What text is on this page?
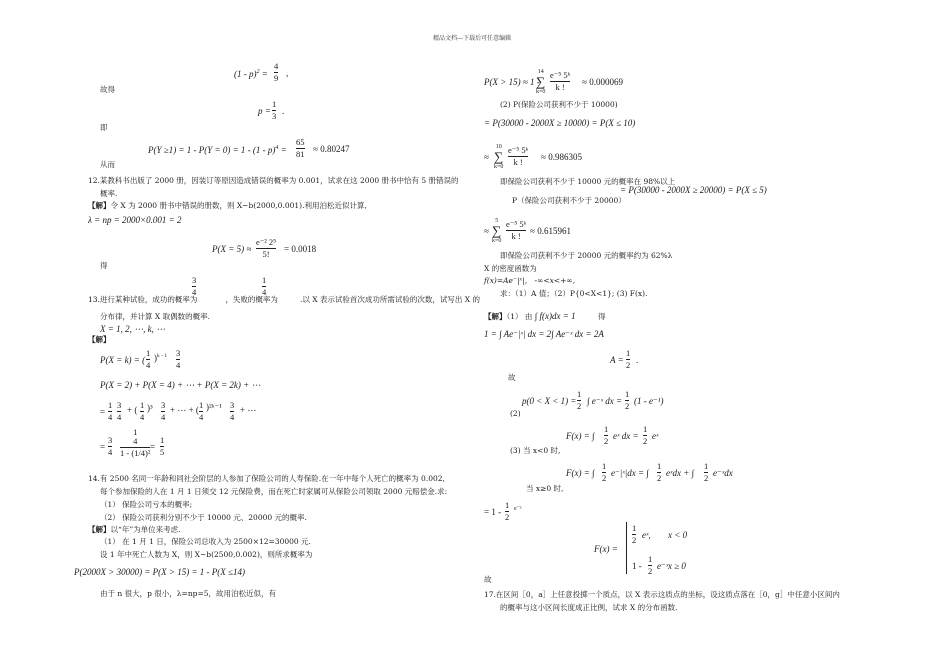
精品文档---下载后可任意编辑
(1 - p)$^2$ =
4
9 ,
故得
p =
1
3 .
即
P(Y ≥1) = 1 - P(Y = 0) = 1 - (1 - p)$^4$ =
65
81 ≈ 0.80247
从而
12.某教科书出版了 2000 册，因装订等原因造成错误的概率为 0.001，试求在这 2000 册书中恰有 5 册错误的
概率.
【解】令 X 为 2000 册书中错误的册数，则 X~b(2000,0.001).利用泊松近似计算,
λ = np = 2000×0.001 = 2
P(X = 5) ≈
e⁻² 2⁵
5! = 0.0018
得
3
4
1
4
13.进行某种试验，成功的概率为	，失败的概率为	.以 X 表示试验首次成功所需试验的次数，试写出 X 的
分布律，并计算 X 取偶数的概率.
X = 1, 2, ⋯, k, ⋯
【解】
P(X = k) = (
1
4
)$^{k - 1}$ 3
4
P(X = 2) + P(X = 4) + ⋯ + P(X = 2k) + ⋯
=
1
4
3
4
+ ( 1
4
)³ 3
4
+ ⋯ + ( 1
4
)²ᵏ⁻¹ 3
4
+ ⋯
=
3
4
1
4
1 - (1/4)²
=
1
5
14.有 2500 名同一年龄和同社会阶层的人参加了保险公司的人寿保险.在一年中每个人死亡的概率为 0.002,
每个参加保险的人在 1 月 1 日须交 12 元保险费，而在死亡时家属可从保险公司领取 2000 元赔偿金.求:
（1） 保险公司亏本的概率;
（2） 保险公司获利分别不少于 10000 元、20000 元的概率.
【解】以“年”为单位来考虑.
（1） 在 1 月 1 日，保险公司总收入为 2500×12=30000 元.
设 1 年中死亡人数为 X，则 X~b(2500,0.002)，则所求概率为
P(2000X > 30000) = P(X > 15) = 1 - P(X ≤14)
由于 n 很大，p 很小，λ=np=5，故用泊松近似，有
P(X > 15) ≈ 1 -
14
∑
k=0
e⁻⁵ 5ᵏ
k ! ≈ 0.000069
(2) P(保险公司获利不少于 10000)
= P(30000 - 2000X ≥ 10000) = P(X ≤ 10)
≈
10
∑
k=0
e⁻⁵ 5ᵏ
k ! ≈ 0.986305
即保险公司获利不少于 10000 元的概率在 98%以上
= P(30000 - 2000X ≥ 20000) = P(X ≤ 5)
P（保险公司获利不少于 20000）
≈
5
∑
k=0
e⁻⁵ 5ᵏ
k ! ≈ 0.615961
即保险公司获利不少于 20000 元的概率约为 62%λ
X 的密度函数为
f(x)=Ae⁻|ˣ|， -∞<x<+∞,
求：（1）A 值；（2）P{0<X<1}; (3) F(x).
【解】（1） 由 ∫ f(x)dx = 1	得
1 = ∫ Ae⁻|ˣ| dx = 2∫ Ae⁻ˣ dx = 2A
A =
1
2 .
故
p(0 < X < 1) =
1
2 ∫ e⁻ˣ dx =
1
2 (1 - e⁻¹)
(2)
F(x) = ∫
1
2 eˣ dx =
1
2 eˣ
(3) 当 x<0 时,
F(x) = ∫
1
2 e⁻|ˣ|dx = ∫
1
2 eˣdx + ∫
1
2 e⁻ˣdx
当 x≥0 时,
= 1 -
1
2
e⁻ˣ
F(x) =
1
2 eˣ, x < 0
1 -
1
2 e⁻ˣ x ≥ 0
故
17.在区间［0，a］上任意投掷一个质点，以 X 表示这质点的坐标，设这质点落在［0，g］中任意小区间内
的概率与这小区间长度成正比例，试求 X 的分布函数.
